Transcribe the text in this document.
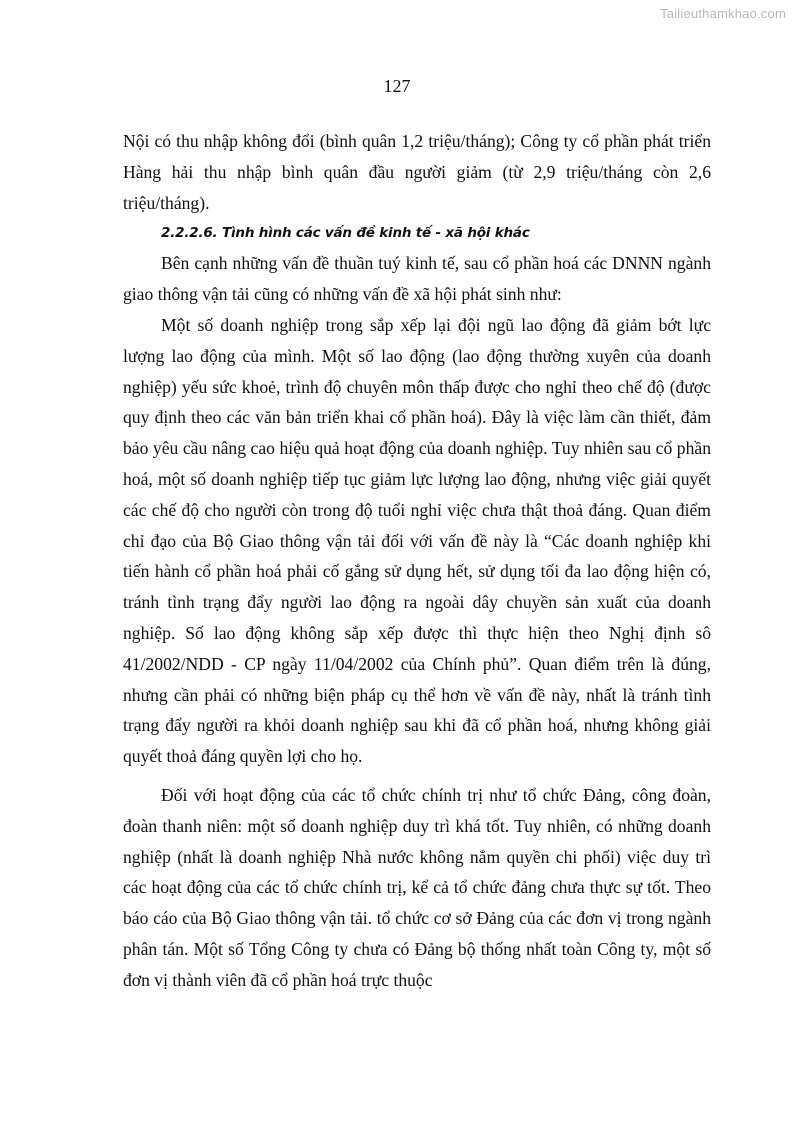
Tailieuthamkhao.com
127

Nội có thu nhập không đổi (bình quân 1,2 triệu/tháng); Công ty cổ phần phát triển Hàng hải thu nhập bình quân đầu người giảm (từ 2,9 triệu/tháng còn 2,6 triệu/tháng).

2.2.2.6. Tình hình các vấn đề kinh tế - xã hội khác

Bên cạnh những vấn đề thuần tuý kinh tế, sau cổ phần hoá các DNNN ngành giao thông vận tải cũng có những vấn đề xã hội phát sinh như:

Một số doanh nghiệp trong sắp xếp lại đội ngũ lao động đã giảm bớt lực lượng lao động của mình. Một số lao động (lao động thường xuyên của doanh nghiệp) yếu sức khoẻ, trình độ chuyên môn thấp được cho nghỉ theo chế độ (được quy định theo các văn bản triển khai cổ phần hoá). Đây là việc làm cần thiết, đảm bảo yêu cầu nâng cao hiệu quả hoạt động của doanh nghiệp. Tuy nhiên sau cổ phần hoá, một số doanh nghiệp tiếp tục giảm lực lượng lao động, nhưng việc giải quyết các chế độ cho người còn trong độ tuổi nghỉ việc chưa thật thoả đáng. Quan điểm chỉ đạo của Bộ Giao thông vận tải đối với vấn đề này là “Các doanh nghiệp khi tiến hành cổ phần hoá phải cố gắng sử dụng hết, sử dụng tối đa lao động hiện có, tránh tình trạng đẩy người lao động ra ngoài dây chuyền sản xuất của doanh nghiệp. Số lao động không sắp xếp được thì thực hiện theo Nghị định sô 41/2002/NDD - CP ngày 11/04/2002 của Chính phủ”. Quan điểm trên là đúng, nhưng cần phải có những biện pháp cụ thể hơn về vấn đề này, nhất là tránh tình trạng đẩy người ra khỏi doanh nghiệp sau khi đã cổ phần hoá, nhưng không giải quyết thoả đáng quyền lợi cho họ.

Đối với hoạt động của các tổ chức chính trị như tổ chức Đảng, công đoàn, đoàn thanh niên: một số doanh nghiệp duy trì khá tốt. Tuy nhiên, có những doanh nghiệp (nhất là doanh nghiệp Nhà nước không nắm quyền chi phối) việc duy trì các hoạt động của các tổ chức chính trị, kể cả tổ chức đảng chưa thực sự tốt. Theo báo cáo của Bộ Giao thông vận tải. tổ chức cơ sở Đảng của các đơn vị trong ngành phân tán. Một số Tổng Công ty chưa có Đảng bộ thống nhất toàn Công ty, một số đơn vị thành viên đã cổ phần hoá trực thuộc
